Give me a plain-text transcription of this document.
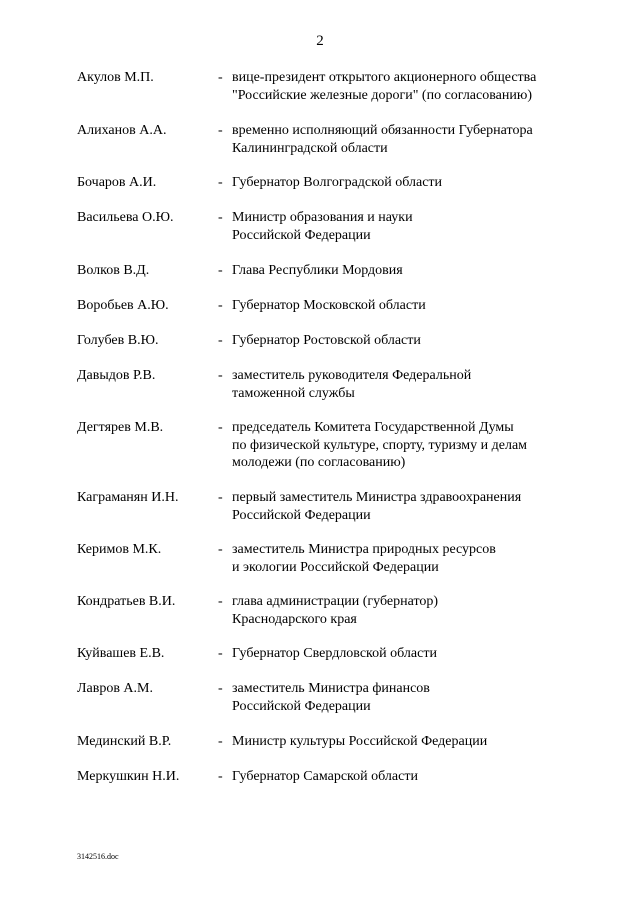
2
Акулов М.П.	- вице-президент открытого акционерного общества
"Российские железные дороги" (по согласованию)
Алиханов А.А.	- временно исполняющий обязанности Губернатора
Калининградской области
Бочаров А.И.	- Губернатор Волгоградской области
Васильева О.Ю.	- Министр образования и науки
Российской Федерации
Волков В.Д.	- Глава Республики Мордовия
Воробьев А.Ю.	- Губернатор Московской области
Голубев В.Ю.	- Губернатор Ростовской области
Давыдов Р.В.	- заместитель руководителя Федеральной
таможенной службы
Дегтярев М.В.	- председатель Комитета Государственной Думы
по физической культуре, спорту, туризму и делам
молодежи (по согласованию)
Каграманян И.Н.	- первый заместитель Министра здравоохранения
Российской Федерации
Керимов М.К.	- заместитель Министра природных ресурсов
и экологии Российской Федерации
Кондратьев В.И.	- глава администрации (губернатор)
Краснодарского края
Куйвашев Е.В.	- Губернатор Свердловской области
Лавров А.М.	- заместитель Министра финансов
Российской Федерации
Мединский В.Р.	- Министр культуры Российской Федерации
Меркушкин Н.И.	- Губернатор Самарской области
3142516.doc
